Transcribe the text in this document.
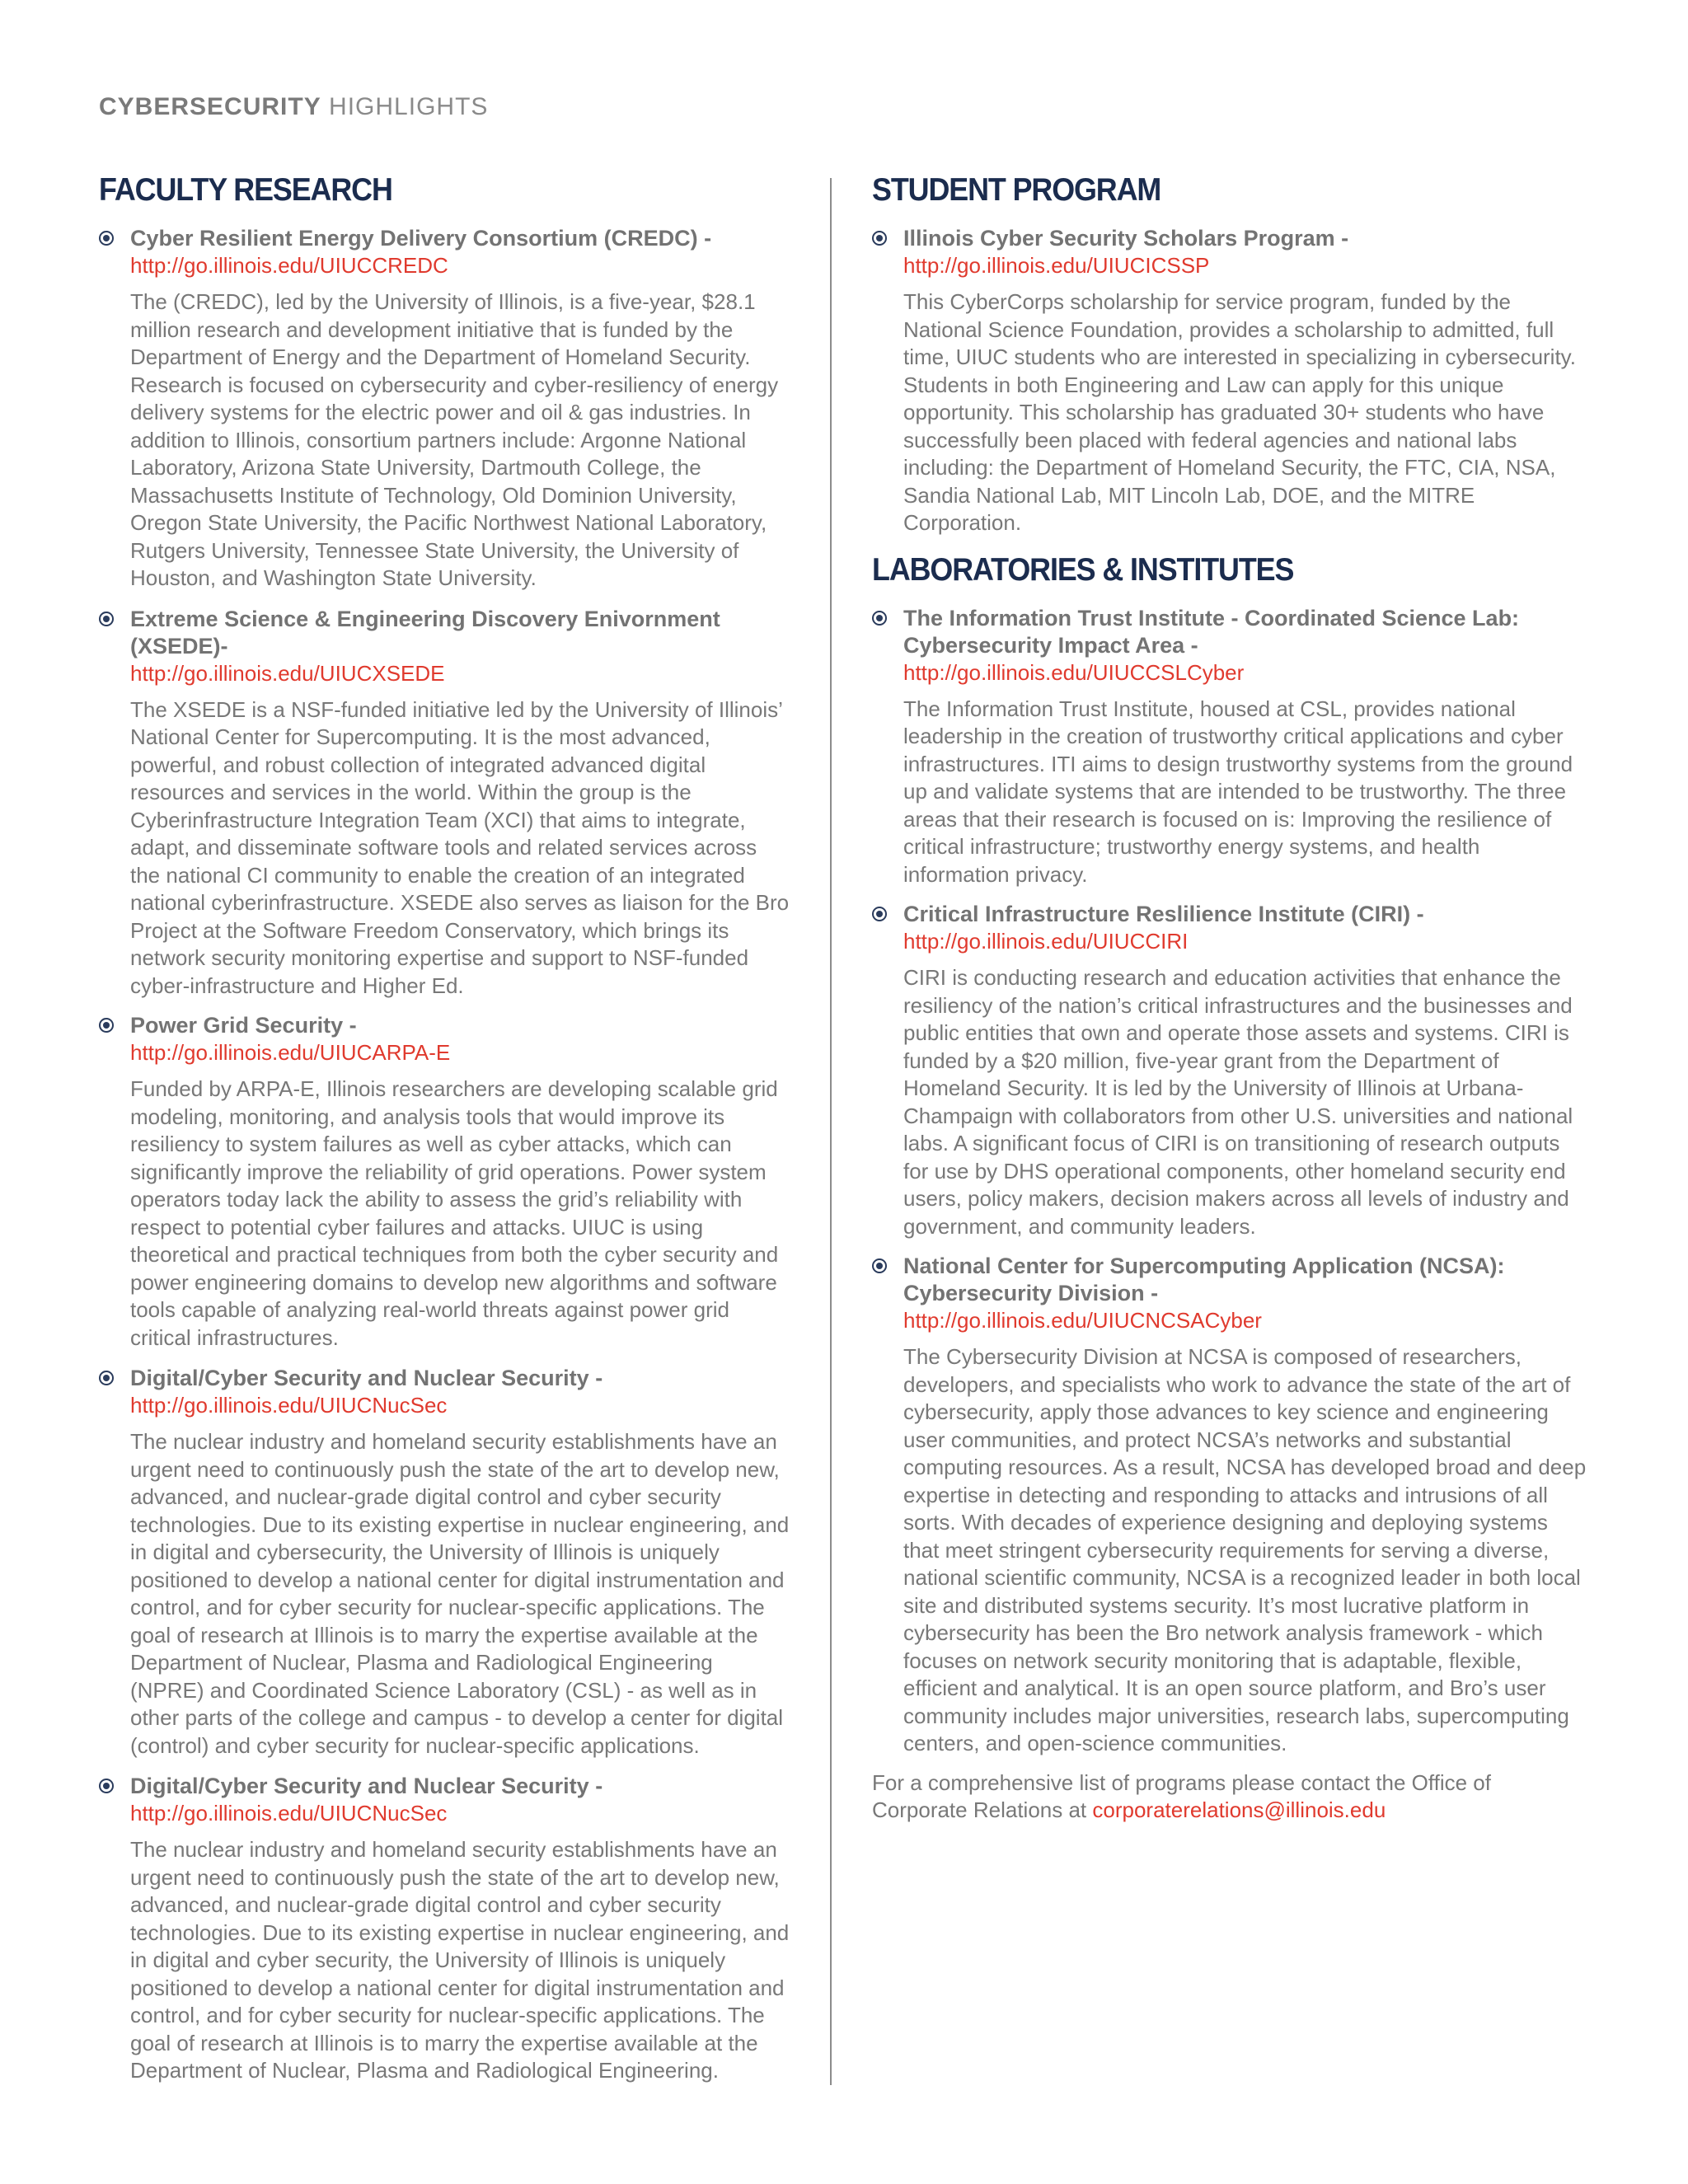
CYBERSECURITY HIGHLIGHTS
FACULTY RESEARCH
Cyber Resilient Energy Delivery Consortium (CREDC) -
http://go.illinois.edu/UIUCCREDC
The (CREDC), led by the University of Illinois, is a five-year, $28.1 million research and development initiative that is funded by the Department of Energy and the Department of Homeland Security. Research is focused on cybersecurity and cyber-resiliency of energy delivery systems for the electric power and oil & gas industries. In addition to Illinois, consortium partners include: Argonne National Laboratory, Arizona State University, Dartmouth College, the Massachusetts Institute of Technology, Old Dominion University, Oregon State University, the Pacific Northwest National Laboratory, Rutgers University, Tennessee State University, the University of Houston, and Washington State University.
Extreme Science & Engineering Discovery Enivornment (XSEDE)-
http://go.illinois.edu/UIUCXSEDE
The XSEDE is a NSF-funded initiative led by the University of Illinois’ National Center for Supercomputing. It is the most advanced, powerful, and robust collection of integrated advanced digital resources and services in the world. Within the group is the Cyberinfrastructure Integration Team (XCI) that aims to integrate, adapt, and disseminate software tools and related services across the national CI community to enable the creation of an integrated national cyberinfrastructure. XSEDE also serves as liaison for the Bro Project at the Software Freedom Conservatory, which brings its network security monitoring expertise and support to NSF-funded cyber-infrastructure and Higher Ed.
Power Grid Security -
http://go.illinois.edu/UIUCARPA-E
Funded by ARPA-E, Illinois researchers are developing scalable grid modeling, monitoring, and analysis tools that would improve its resiliency to system failures as well as cyber attacks, which can significantly improve the reliability of grid operations. Power system operators today lack the ability to assess the grid’s reliability with respect to potential cyber failures and attacks. UIUC is using theoretical and practical techniques from both the cyber security and power engineering domains to develop new algorithms and software tools capable of analyzing real-world threats against power grid critical infrastructures.
Digital/Cyber Security and Nuclear Security -
http://go.illinois.edu/UIUCNucSec
The nuclear industry and homeland security establishments have an urgent need to continuously push the state of the art to develop new, advanced, and nuclear-grade digital control and cyber security technologies. Due to its existing expertise in nuclear engineering, and in digital and cybersecurity, the University of Illinois is uniquely positioned to develop a national center for digital instrumentation and control, and for cyber security for nuclear-specific applications. The goal of research at Illinois is to marry the expertise available at the Department of Nuclear, Plasma and Radiological Engineering (NPRE) and Coordinated Science Laboratory (CSL) - as well as in other parts of the college and campus - to develop a center for digital (control) and cyber security for nuclear-specific applications.
Digital/Cyber Security and Nuclear Security -
http://go.illinois.edu/UIUCNucSec
The nuclear industry and homeland security establishments have an urgent need to continuously push the state of the art to develop new, advanced, and nuclear-grade digital control and cyber security technologies. Due to its existing expertise in nuclear engineering, and in digital and cyber security, the University of Illinois is uniquely positioned to develop a national center for digital instrumentation and control, and for cyber security for nuclear-specific applications. The goal of research at Illinois is to marry the expertise available at the Department of Nuclear, Plasma and Radiological Engineering.
STUDENT PROGRAM
Illinois Cyber Security Scholars Program -
http://go.illinois.edu/UIUCICSSP
This CyberCorps scholarship for service program, funded by the National Science Foundation, provides a scholarship to admitted, full time, UIUC students who are interested in specializing in cybersecurity. Students in both Engineering and Law can apply for this unique opportunity. This scholarship has graduated 30+ students who have successfully been placed with federal agencies and national labs including: the Department of Homeland Security, the FTC, CIA, NSA, Sandia National Lab, MIT Lincoln Lab, DOE, and the MITRE Corporation.
LABORATORIES & INSTITUTES
The Information Trust Institute - Coordinated Science Lab: Cybersecurity Impact Area -
http://go.illinois.edu/UIUCCSLCyber
The Information Trust Institute, housed at CSL, provides national leadership in the creation of trustworthy critical applications and cyber infrastructures. ITI aims to design trustworthy systems from the ground up and validate systems that are intended to be trustworthy. The three areas that their research is focused on is: Improving the resilience of critical infrastructure; trustworthy energy systems, and health information privacy.
Critical Infrastructure Reslilience Institute (CIRI) -
http://go.illinois.edu/UIUCCIRI
CIRI is conducting research and education activities that enhance the resiliency of the nation’s critical infrastructures and the businesses and public entities that own and operate those assets and systems. CIRI is funded by a $20 million, five-year grant from the Department of Homeland Security. It is led by the University of Illinois at Urbana-Champaign with collaborators from other U.S. universities and national labs. A significant focus of CIRI is on transitioning of research outputs for use by DHS operational components, other homeland security end users, policy makers, decision makers across all levels of industry and government, and community leaders.
National Center for Supercomputing Application (NCSA): Cybersecurity Division -
http://go.illinois.edu/UIUCNCSACyber
The Cybersecurity Division at NCSA is composed of researchers, developers, and specialists who work to advance the state of the art of cybersecurity, apply those advances to key science and engineering user communities, and protect NCSA’s networks and substantial computing resources. As a result, NCSA has developed broad and deep expertise in detecting and responding to attacks and intrusions of all sorts. With decades of experience designing and deploying systems that meet stringent cybersecurity requirements for serving a diverse, national scientific community, NCSA is a recognized leader in both local site and distributed systems security. It’s most lucrative platform in cybersecurity has been the Bro network analysis framework - which focuses on network security monitoring that is adaptable, flexible, efficient and analytical. It is an open source platform, and Bro’s user community includes major universities, research labs, supercomputing centers, and open-science communities.
For a comprehensive list of programs please contact the Office of Corporate Relations at corporaterelations@illinois.edu
